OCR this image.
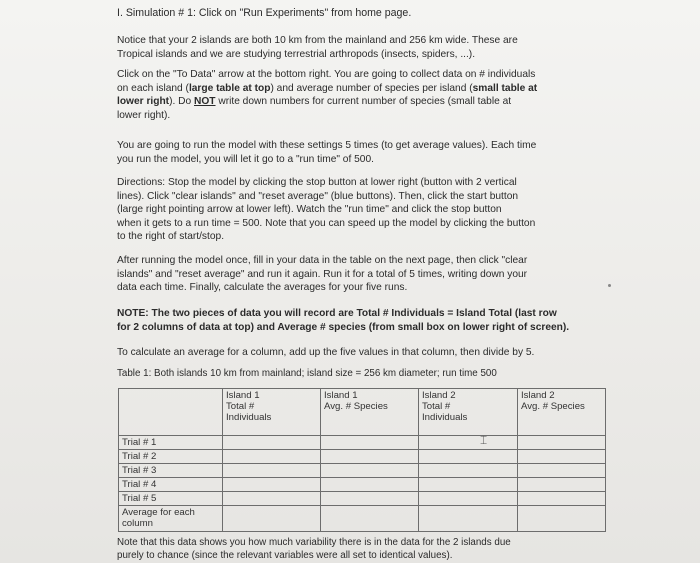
I. Simulation # 1: Click on "Run Experiments" from home page.
Notice that your 2 islands are both 10 km from the mainland and 256 km wide. These are
Tropical islands and we are studying terrestrial arthropods (insects, spiders, ...).
Click on the "To Data" arrow at the bottom right. You are going to collect data on # individuals
on each island (large table at top) and average number of species per island (small table at
lower right). Do NOT write down numbers for current number of species (small table at
lower right).
You are going to run the model with these settings 5 times (to get average values). Each time
you run the model, you will let it go to a "run time" of 500.
Directions: Stop the model by clicking the stop button at lower right (button with 2 vertical
lines). Click "clear islands" and "reset average" (blue buttons). Then, click the start button
(large right pointing arrow at lower left). Watch the "run time" and click the stop button
when it gets to a run time = 500. Note that you can speed up the model by clicking the button
to the right of start/stop.
After running the model once, fill in your data in the table on the next page, then click "clear
islands" and "reset average" and run it again. Run it for a total of 5 times, writing down your
data each time. Finally, calculate the averages for your five runs.
NOTE: The two pieces of data you will record are Total # Individuals = Island Total (last row
for 2 columns of data at top) and Average # species (from small box on lower right of screen).
To calculate an average for a column, add up the five values in that column, then divide by 5.
Table 1: Both islands 10 km from mainland; island size = 256 km diameter; run time 500
	Island 1
Total #
Individuals	Island 1
Avg. # Species	Island 2
Total #
Individuals	Island 2
Avg. # Species
Trial # 1				
Trial # 2				
Trial # 3				
Trial # 4				
Trial # 5				
Average for each column				
⌶
Note that this data shows you how much variability there is in the data for the 2 islands due
purely to chance (since the relevant variables were all set to identical values).
